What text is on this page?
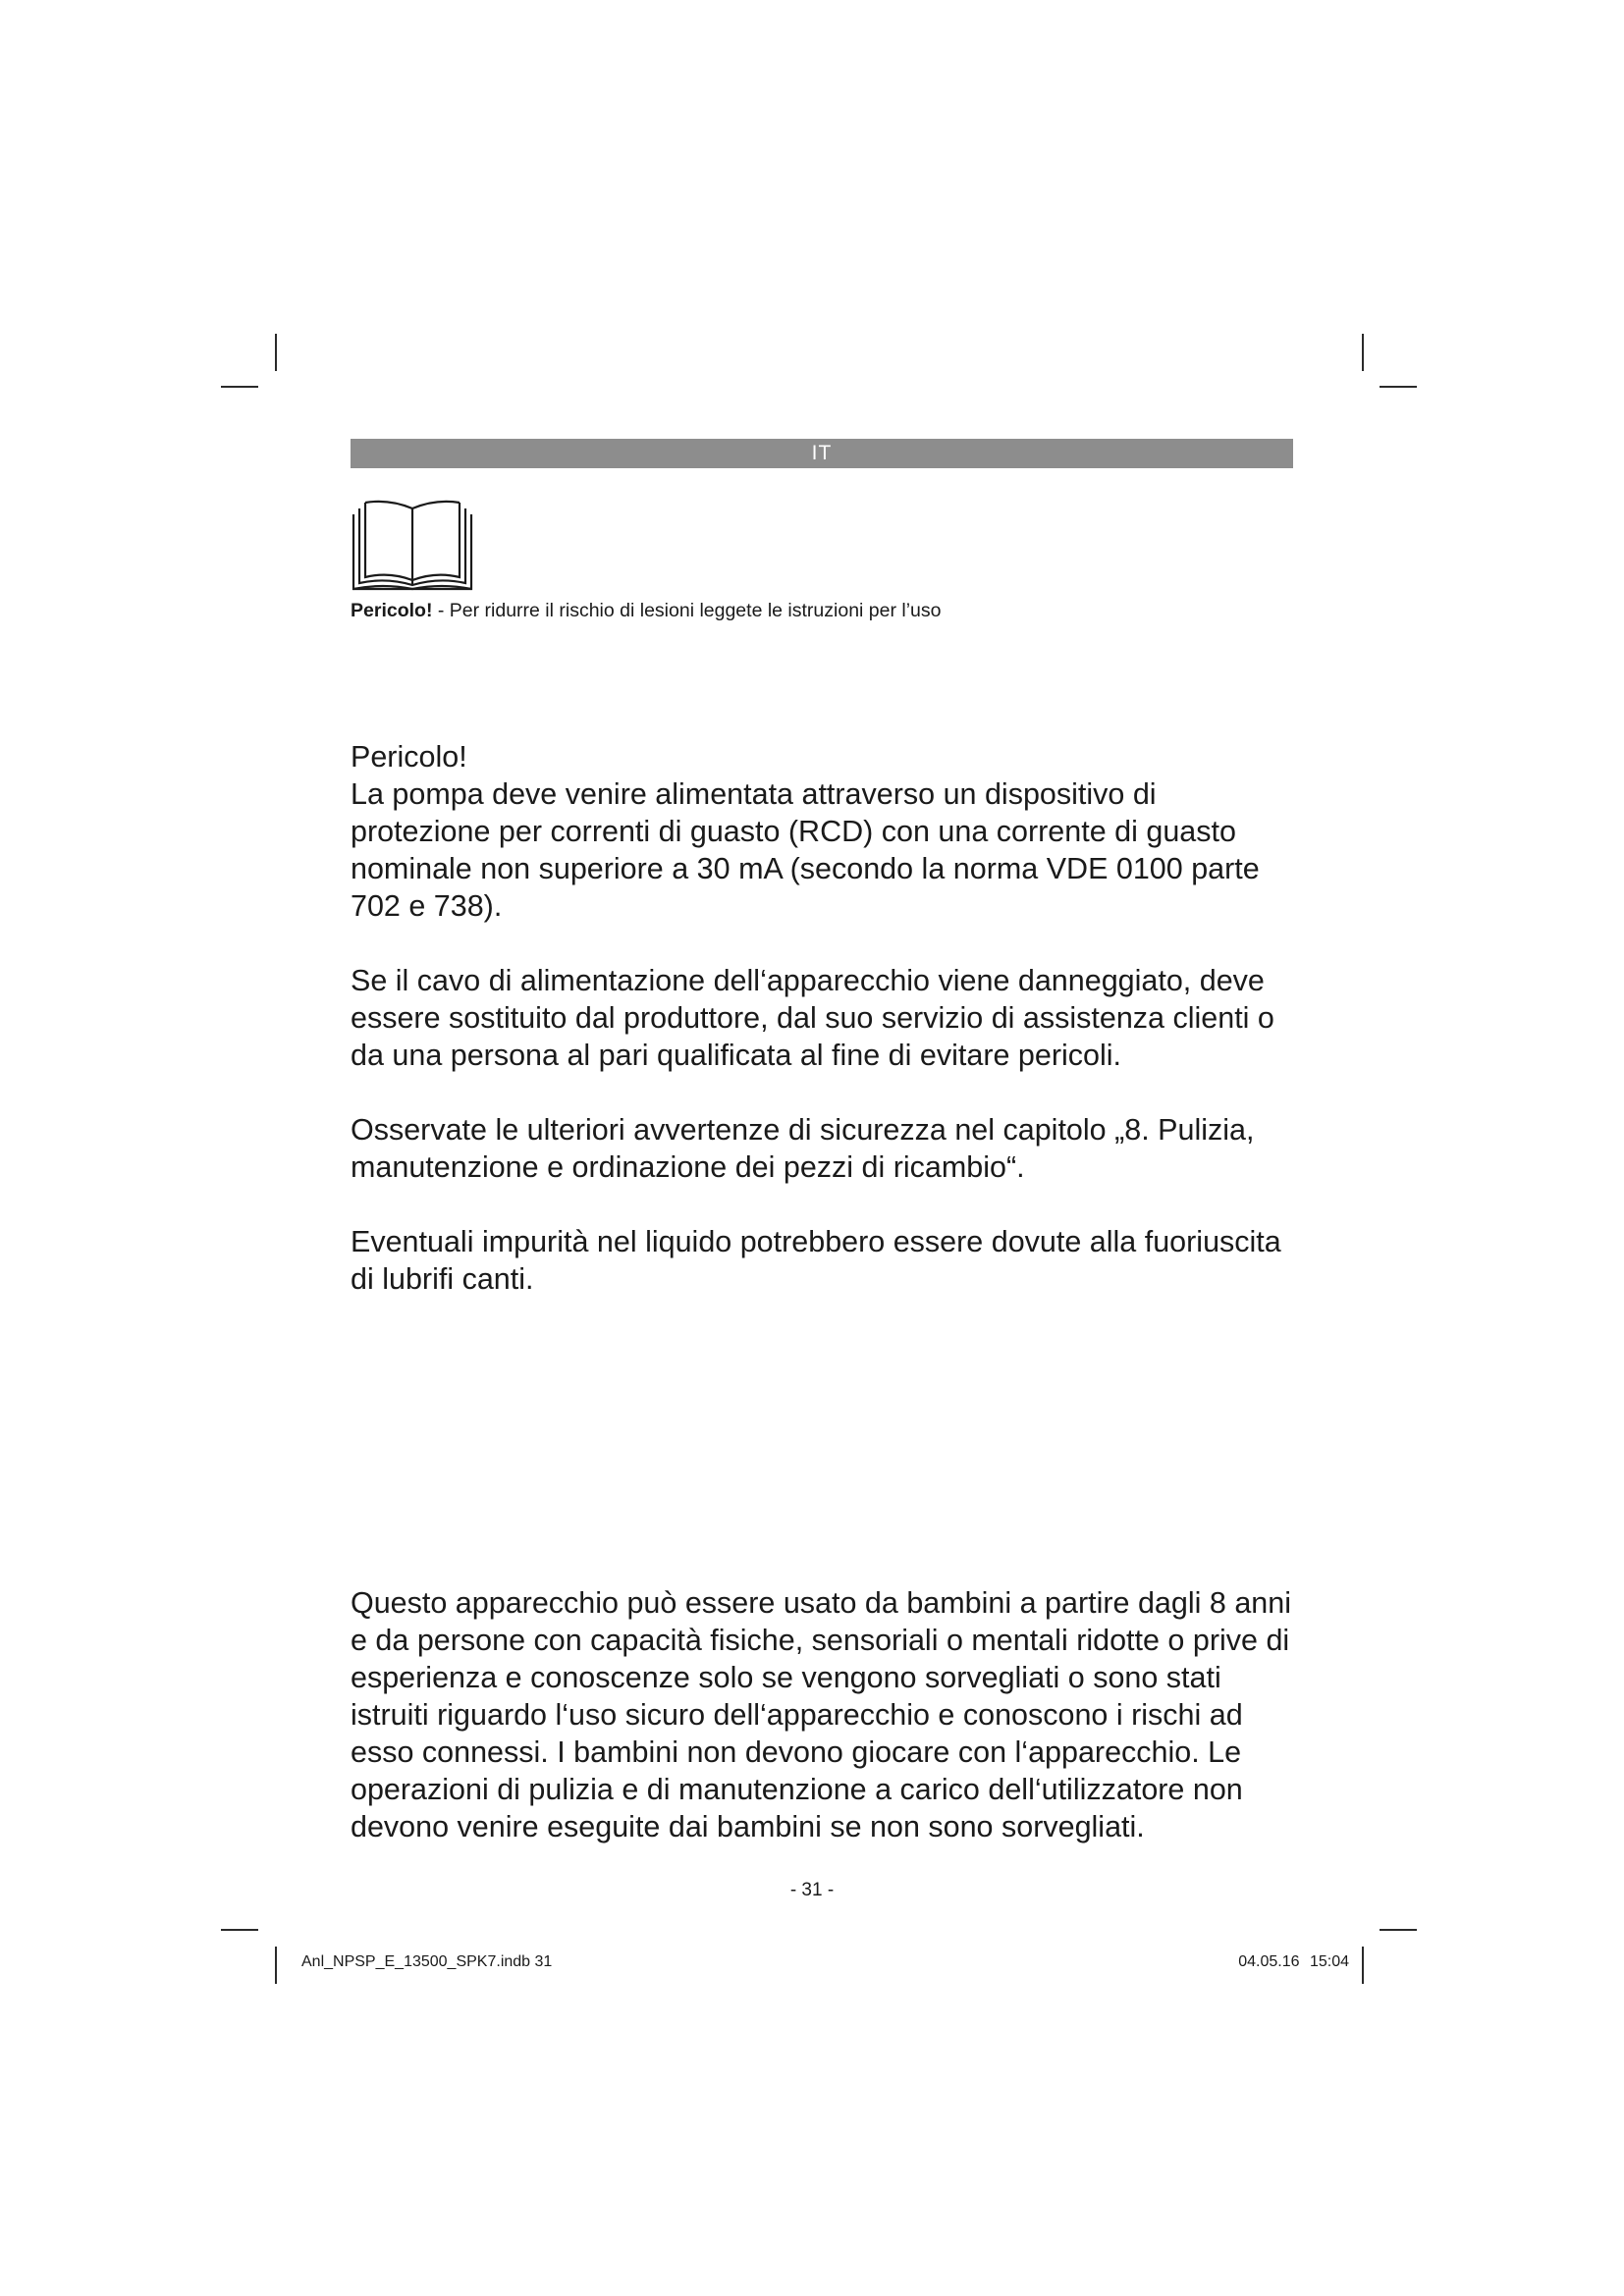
IT
Pericolo! - Per ridurre il rischio di lesioni leggete le istruzioni per l’uso

Pericolo!

La pompa deve venire alimentata attraverso un dispositivo di protezione per correnti di guasto (RCD) con una corrente di guasto nominale non superiore a 30 mA (secondo la norma VDE 0100 parte 702 e 738).

Se il cavo di alimentazione dell‘apparecchio viene danneggiato, deve essere sostituito dal produttore, dal suo servizio di assistenza clienti o da una persona al pari qualificata al fine di evitare pericoli.
Osservate le ulteriori avvertenze di sicurezza nel capitolo „8. Pulizia, manutenzione e ordinazione dei pezzi di ricambio“.
Eventuali impurità nel liquido potrebbero essere dovute alla fuoriuscita di lubrifi canti.
Questo apparecchio può essere usato da bambini a partire dagli 8 anni e da persone con capacità fisiche, sensoriali o mentali ridotte o prive di esperienza e conoscenze solo se vengono sorvegliati o sono stati istruiti riguardo l‘uso sicuro dell‘apparecchio e conoscono i rischi ad esso connessi. I bambini non devono giocare con l‘apparecchio. Le operazioni di pulizia e di manutenzione a carico dell‘utilizzatore non devono venire eseguite dai bambini se non sono sorvegliati.
- 31 -
Anl_NPSP_E_13500_SPK7.indb 31	04.05.16 15:04
